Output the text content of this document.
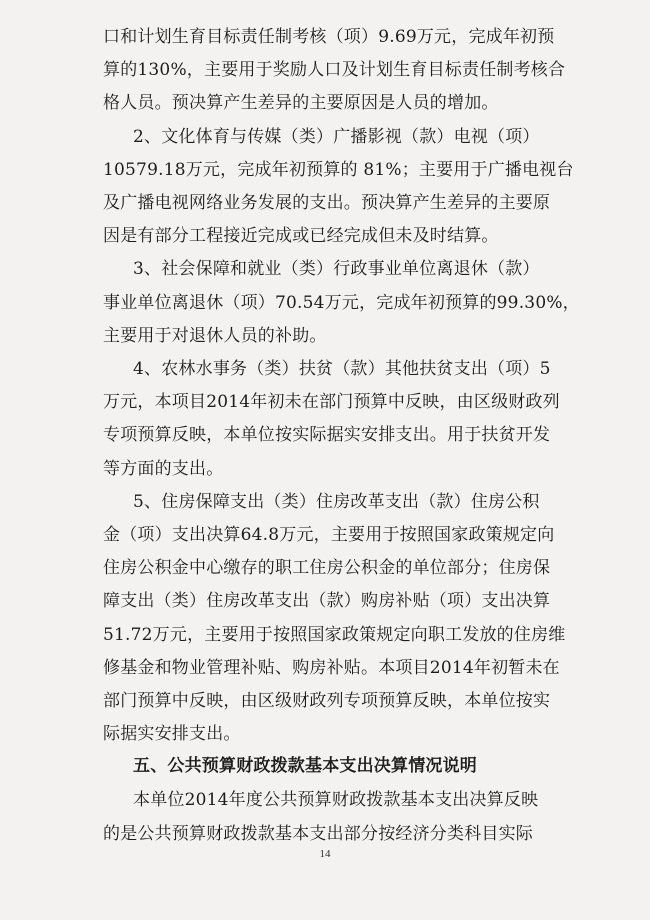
口和计划生育目标责任制考核（项）9.69万元，完成年初预
算的130%，主要用于奖励人口及计划生育目标责任制考核合
格人员。预决算产生差异的主要原因是人员的增加。
2、文化体育与传媒（类）广播影视（款）电视（项）
10579.18万元，完成年初预算的 81%；主要用于广播电视台
及广播电视网络业务发展的支出。预决算产生差异的主要原
因是有部分工程接近完成或已经完成但未及时结算。
3、社会保障和就业（类）行政事业单位离退休（款）
事业单位离退休（项）70.54万元，完成年初预算的99.30%，
主要用于对退休人员的补助。
4、农林水事务（类）扶贫（款）其他扶贫支出（项）5
万元，本项目2014年初未在部门预算中反映，由区级财政列
专项预算反映，本单位按实际据实安排支出。用于扶贫开发
等方面的支出。
5、住房保障支出（类）住房改革支出（款）住房公积
金（项）支出决算64.8万元，主要用于按照国家政策规定向
住房公积金中心缴存的职工住房公积金的单位部分；住房保
障支出（类）住房改革支出（款）购房补贴（项）支出决算
51.72万元，主要用于按照国家政策规定向职工发放的住房维
修基金和物业管理补贴、购房补贴。本项目2014年初暂未在
部门预算中反映，由区级财政列专项预算反映，本单位按实
际据实安排支出。
五、公共预算财政拨款基本支出决算情况说明
本单位2014年度公共预算财政拨款基本支出决算反映
的是公共预算财政拨款基本支出部分按经济分类科目实际
14
